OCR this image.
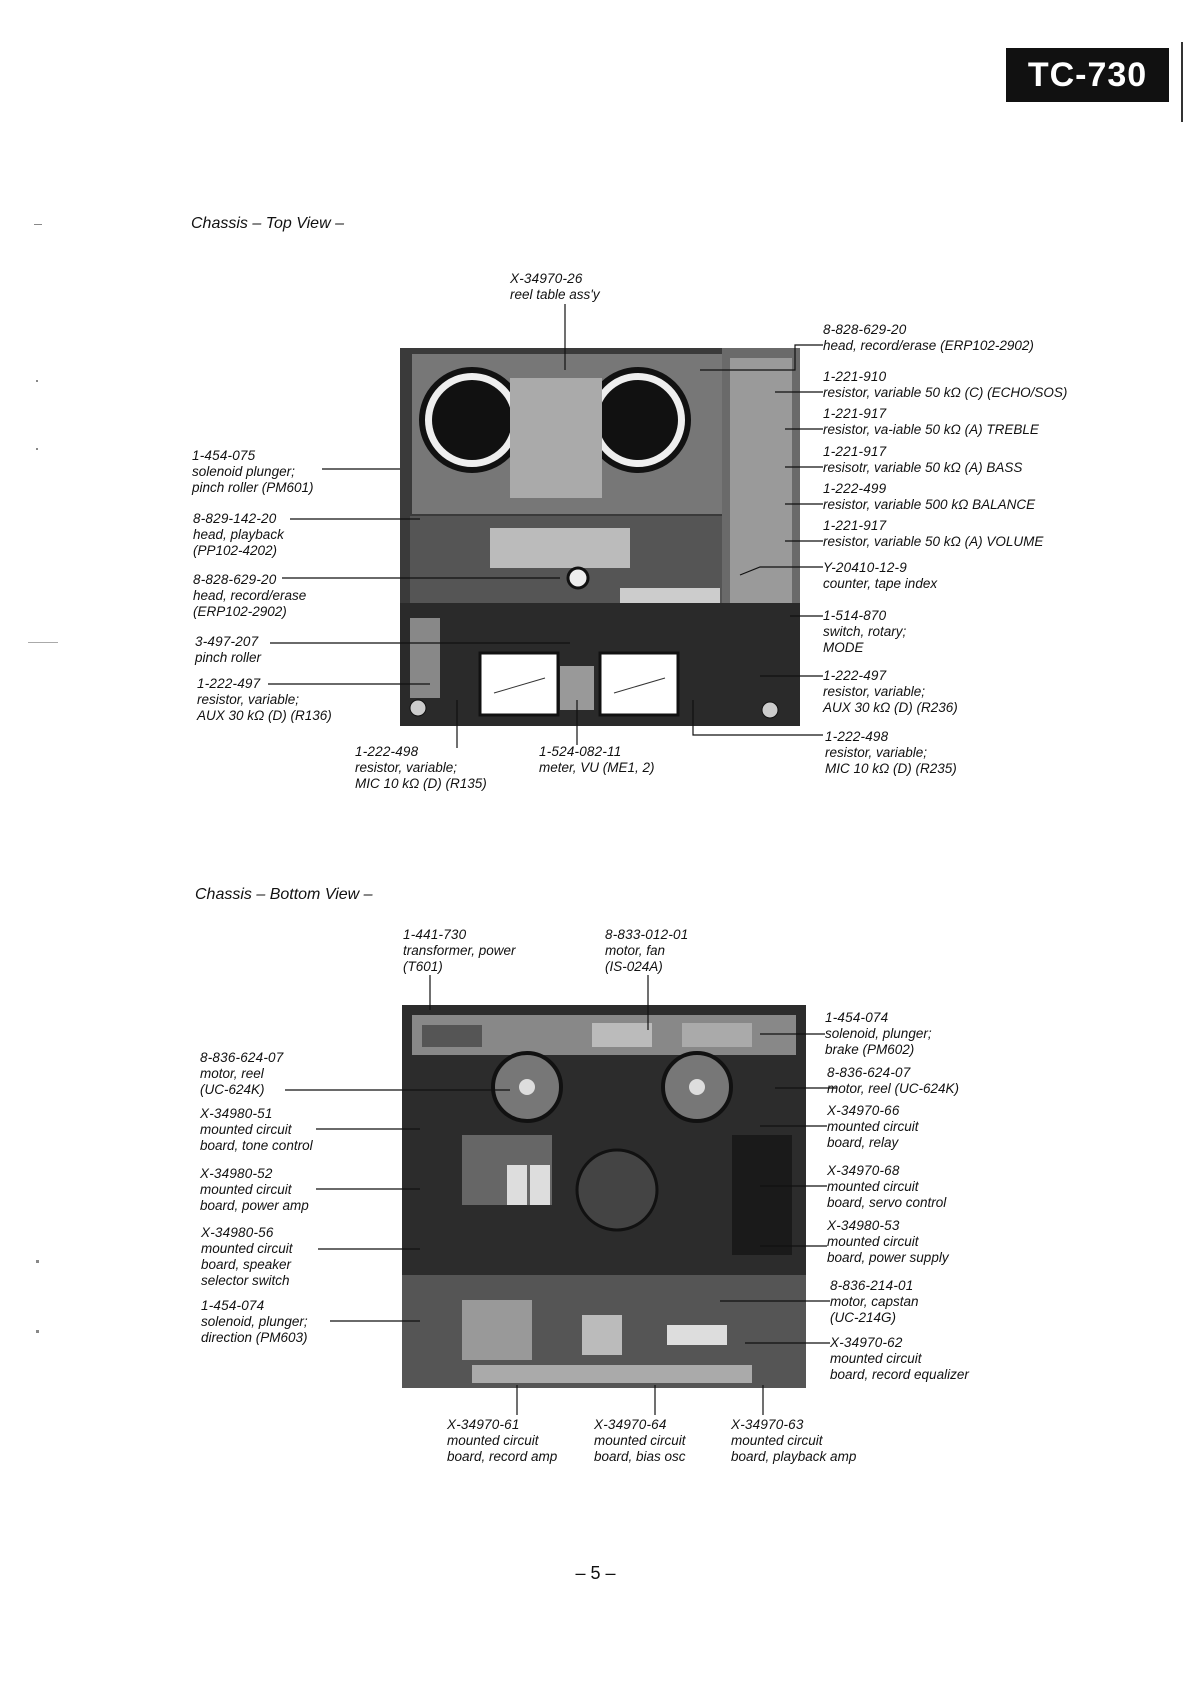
TC-730
Chassis – Top View –
Chassis – Bottom View –
X-34970-26
reel table ass'y
8-828-629-20
head, record/erase (ERP102-2902)
1-221-910
resistor, variable 50 kΩ (C) (ECHO/SOS)
1-221-917
resistor, va-iable 50 kΩ (A) TREBLE
1-221-917
resisotr, variable 50 kΩ (A) BASS
1-222-499
resistor, variable 500 kΩ BALANCE
1-221-917
resistor, variable 50 kΩ (A) VOLUME
Y-20410-12-9
counter, tape index
1-514-870
switch, rotary;
MODE
1-222-497
resistor, variable;
AUX 30 kΩ (D) (R236)
1-222-498
resistor, variable;
MIC 10 kΩ (D) (R235)
1-524-082-11
meter, VU (ME1, 2)
1-222-498
resistor, variable;
MIC 10 kΩ (D) (R135)
1-454-075
solenoid plunger;
pinch roller (PM601)
8-829-142-20
head, playback
(PP102-4202)
8-828-629-20
head, record/erase
(ERP102-2902)
3-497-207
pinch roller
1-222-497
resistor, variable;
AUX 30 kΩ (D) (R136)
1-441-730
transformer, power
(T601)
8-833-012-01
motor, fan
(IS-024A)
1-454-074
solenoid, plunger;
brake (PM602)
8-836-624-07
motor, reel (UC-624K)
X-34970-66
mounted circuit
board, relay
X-34970-68
mounted circuit
board, servo control
X-34980-53
mounted circuit
board, power supply
8-836-214-01
motor, capstan
(UC-214G)
X-34970-62
mounted circuit
board, record equalizer
X-34970-61
mounted circuit
board, record amp
X-34970-64
mounted circuit
board, bias osc
X-34970-63
mounted circuit
board, playback amp
8-836-624-07
motor, reel
(UC-624K)
X-34980-51
mounted circuit
board, tone control
X-34980-52
mounted circuit
board, power amp
X-34980-56
mounted circuit
board, speaker
selector switch
1-454-074
solenoid, plunger;
direction (PM603)
– 5 –
